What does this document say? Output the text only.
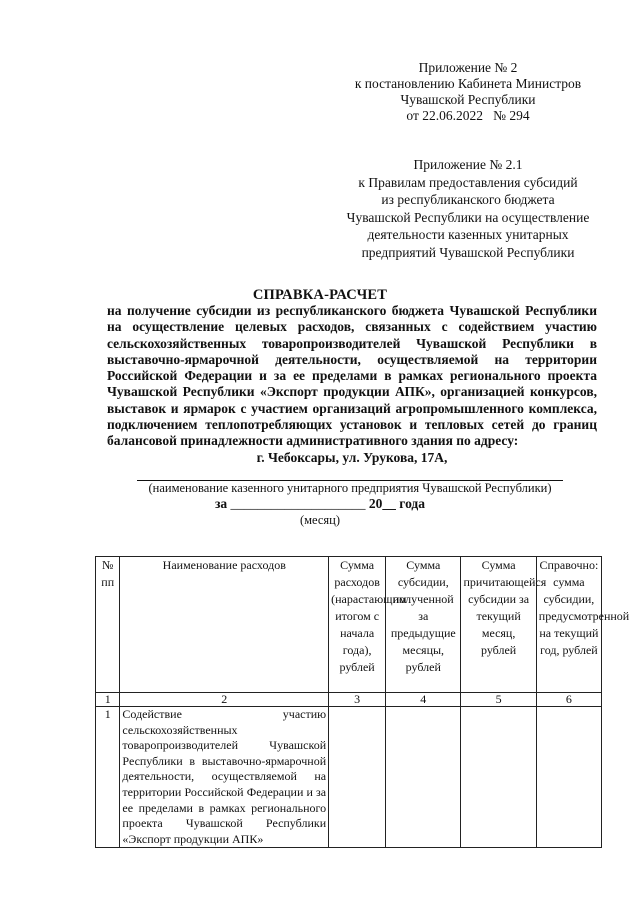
Приложение № 2
к постановлению Кабинета Министров
Чувашской Республики
от 22.06.2022   № 294
Приложение № 2.1
к Правилам предоставления субсидий
из республиканского бюджета
Чувашской Республики на осуществление
деятельности казенных унитарных
предприятий Чувашской Республики
СПРАВКА-РАСЧЕТ
на получение субсидии из республиканского бюджета Чувашской Республики на осуществление целевых расходов, связанных с содействием участию сельскохозяйственных товаропроизводителей Чувашской Республики в выставочно-ярмарочной деятельности, осуществляемой на территории Российской Федерации и за ее пределами в рамках регионального проекта Чувашской Республики «Экспорт продукции АПК», организацией конкурсов, выставок и ярмарок с участием организаций агропромышленного комплекса, подключением теплопотребляющих установок и тепловых сетей до границ балансовой принадлежности административного здания по адресу:
г. Чебоксары, ул. Урукова, 17А,
(наименование казенного унитарного предприятия Чувашской Республики)
за ____________________ 20__ года
(месяц)
№ пп	Наименование расходов	Сумма расходов (нарастающим итогом с начала года), рублей	Сумма субсидии, полученной за предыдущие месяцы, рублей	Сумма причитающейся субсидии за текущий месяц, рублей	Справочно: сумма субсидии, предусмотренной на текущий год, рублей
1	2	3	4	5	6
1	Содействие участию сельскохозяйственных товаропроизводителей Чувашской Республики в выставочно-ярмарочной деятельности, осуществляемой на территории Российской Федерации и за ее пределами в рамках регионального проекта Чувашской Республики «Экспорт продукции АПК»				
